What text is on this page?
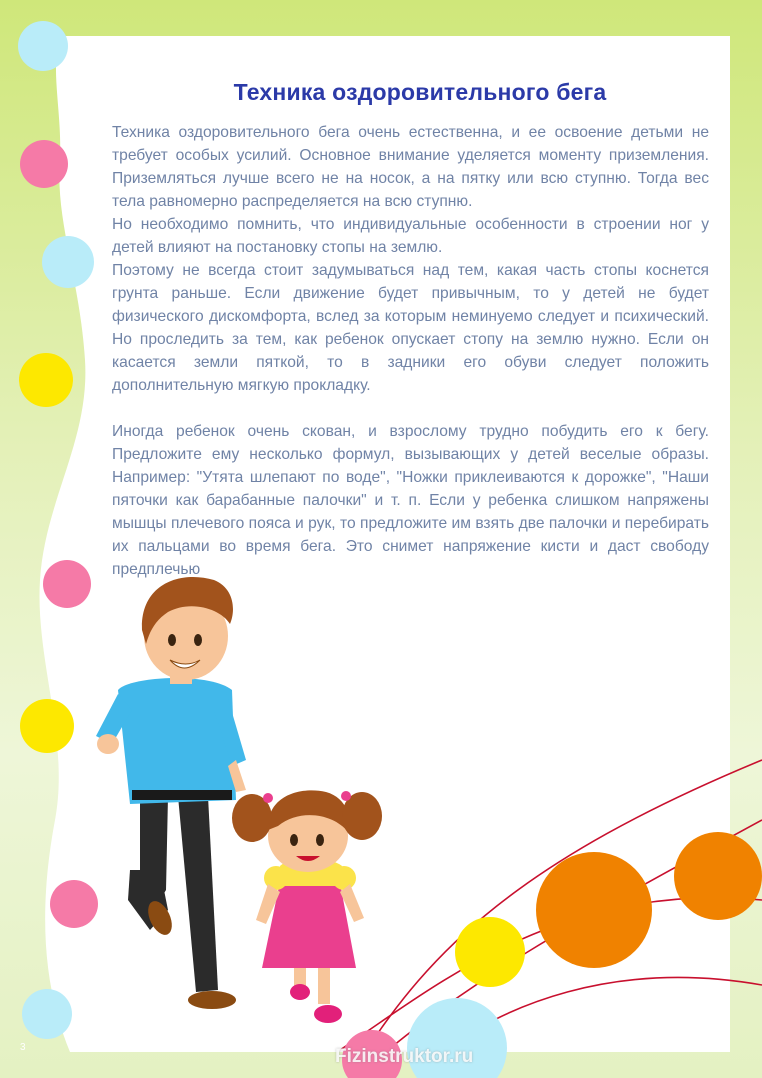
Техника оздоровительного бега

Техника оздоровительного бега очень естественна, и ее освоение детьми не требует особых усилий. Основное внимание уделяется моменту приземления. Приземляться лучше всего не на носок, а на пятку или всю ступню. Тогда вес тела равномерно распределяется на всю ступню.

Но необходимо помнить, что индивидуальные особенности в строении ног у детей влияют на постановку стопы на землю.

Поэтому не всегда стоит задумываться над тем, какая часть стопы коснется грунта раньше. Если движение будет привычным, то у детей не будет физического дискомфорта, вслед за которым неминуемо следует и психический. Но проследить за тем, как ребенок опускает стопу на землю нужно. Если он касается земли пяткой, то в задники его обуви следует положить дополнительную мягкую прокладку.

Иногда ребенок очень скован, и взрослому трудно побудить его к бегу. Предложите ему несколько формул, вызывающих у детей веселые образы. Например: "Утята шлепают по воде", "Ножки приклеиваются к дорожке", "Наши пяточки как барабанные палочки" и т. п. Если у ребенка слишком напряжены мышцы плечевого пояса и рук, то предложите им взять две палочки и перебирать их пальцами во время бега. Это снимет напряжение кисти и даст свободу предплечью

Fizinstruktor.ru
3
